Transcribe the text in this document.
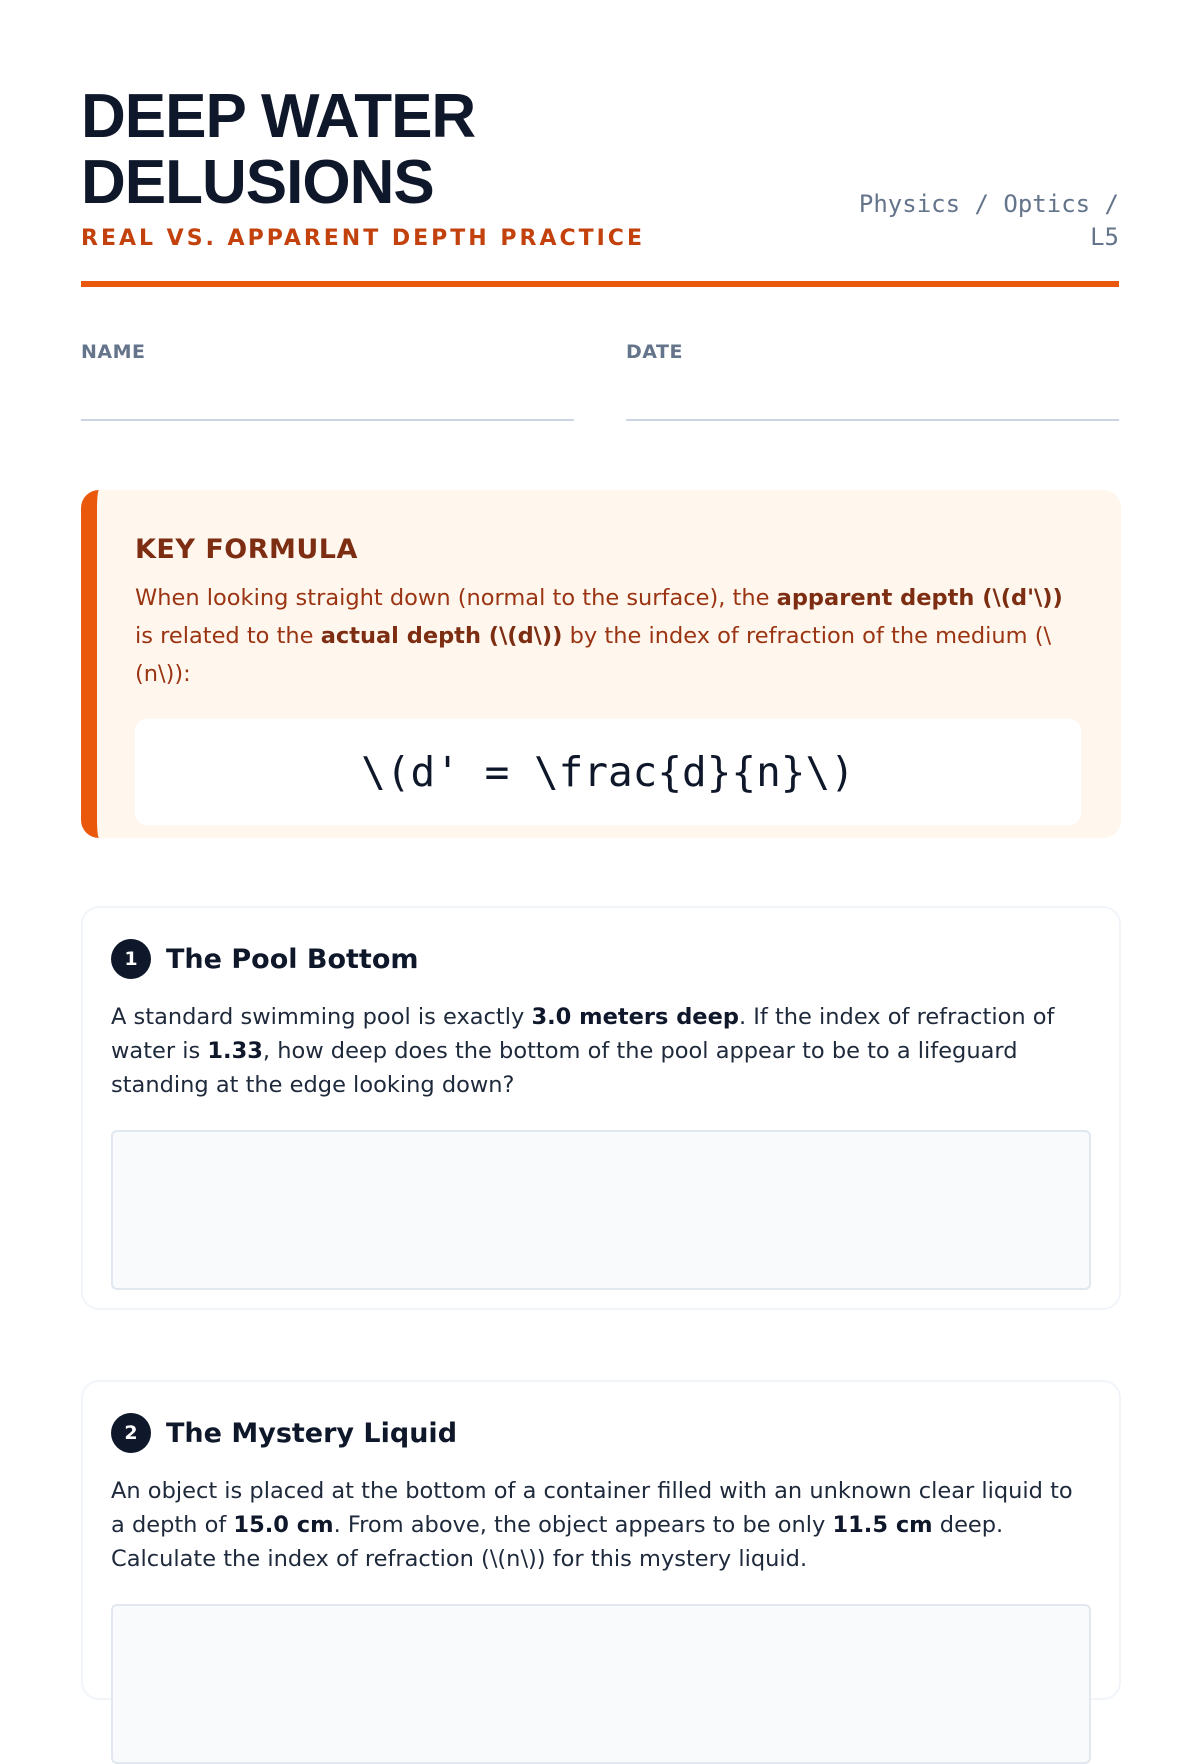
DEEP WATER
DELUSIONS
REAL VS. APPARENT DEPTH PRACTICE
Physics / Optics / L5
NAME	DATE
KEY FORMULA

When looking straight down (normal to the surface), the apparent depth (\(d'\)) is related to the actual depth (\(d\)) by the index of refraction of the medium (\(n\)):

\(d' = \frac{d}{n}\)
1	The Pool Bottom

A standard swimming pool is exactly 3.0 meters deep. If the index of refraction of water is 1.33, how deep does the bottom of the pool appear to be to a lifeguard standing at the edge looking down?

2	The Mystery Liquid

An object is placed at the bottom of a container filled with an unknown clear liquid to a depth of 15.0 cm. From above, the object appears to be only 11.5 cm deep. Calculate the index of refraction (\(n\)) for this mystery liquid.
